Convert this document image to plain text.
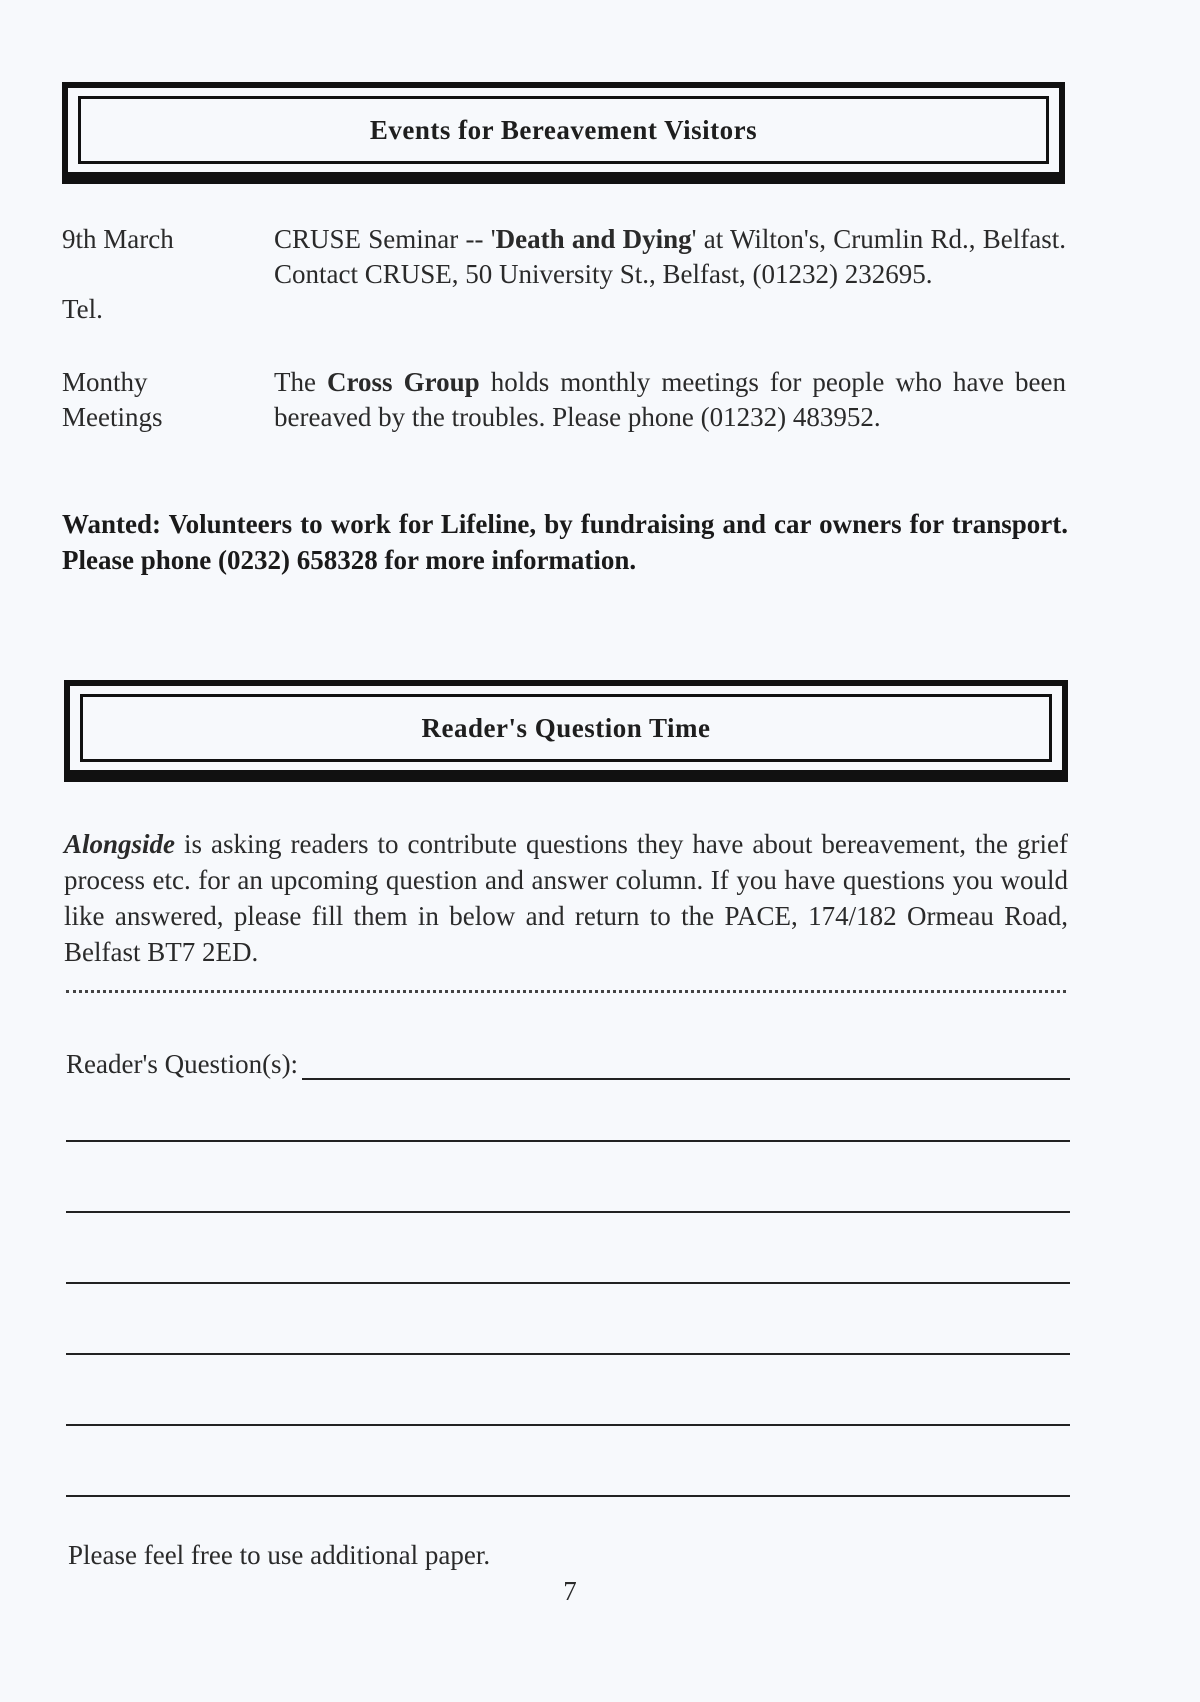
Events for Bereavement Visitors
9th March
Tel.
CRUSE Seminar -- 'Death and Dying' at Wilton's, Crumlin Rd., Belfast. Contact CRUSE, 50 University St., Belfast, (01232) 232695.
Monthy
Meetings
The Cross Group holds monthly meetings for people who have been bereaved by the troubles. Please phone (01232) 483952.
Wanted: Volunteers to work for Lifeline, by fundraising and car owners for transport. Please phone (0232) 658328 for more information.
Reader's Question Time
Alongside is asking readers to contribute questions they have about bereavement, the grief process etc. for an upcoming question and answer column. If you have questions you would like answered, please fill them in below and return to the PACE, 174/182 Ormeau Road, Belfast BT7 2ED.
Reader's Question(s):
Please feel free to use additional paper.
7
